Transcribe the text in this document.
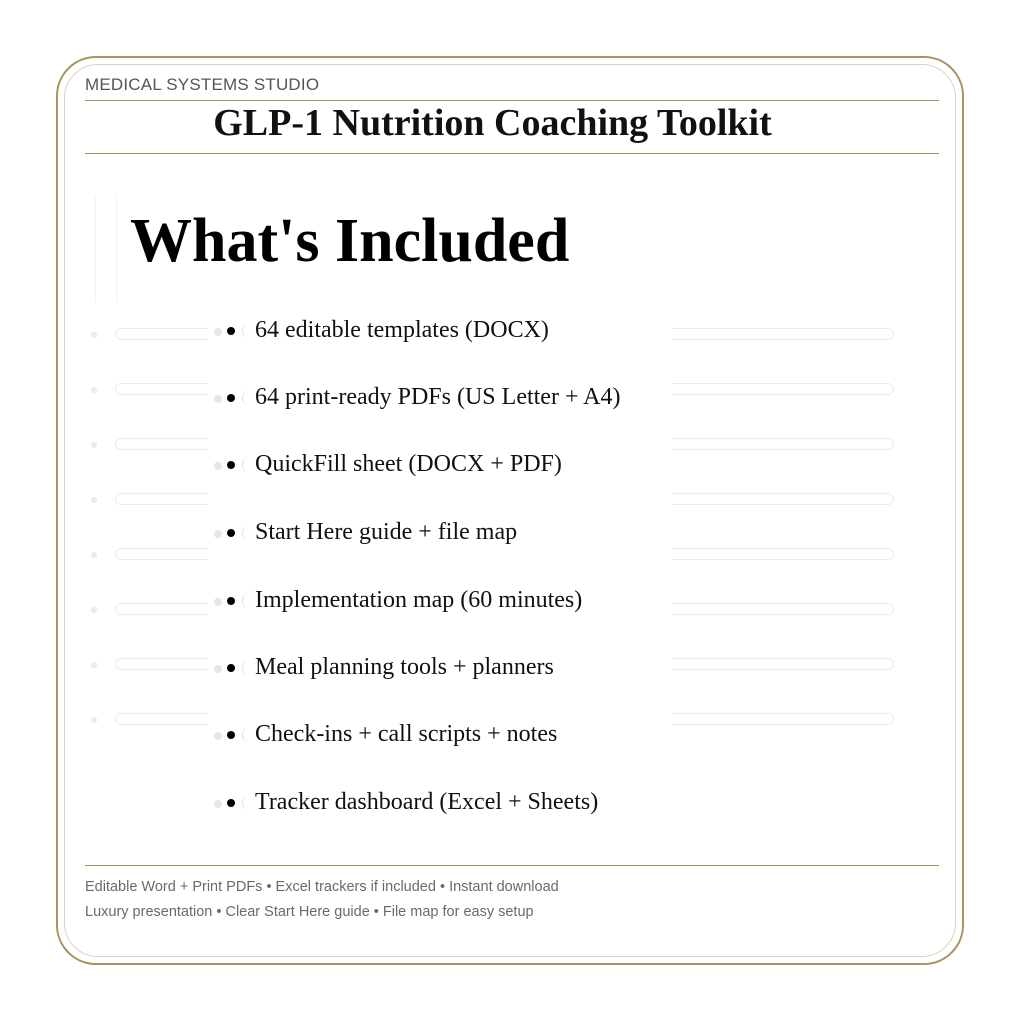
MEDICAL SYSTEMS STUDIO

GLP-1 Nutrition Coaching Toolkit
What's Included
64 editable templates (DOCX)
64 print-ready PDFs (US Letter + A4)
QuickFill sheet (DOCX + PDF)
Start Here guide + file map
Implementation map (60 minutes)
Meal planning tools + planners
Check-ins + call scripts + notes
Tracker dashboard (Excel + Sheets)

Editable Word + Print PDFs • Excel trackers if included • Instant download

Luxury presentation • Clear Start Here guide • File map for easy setup
